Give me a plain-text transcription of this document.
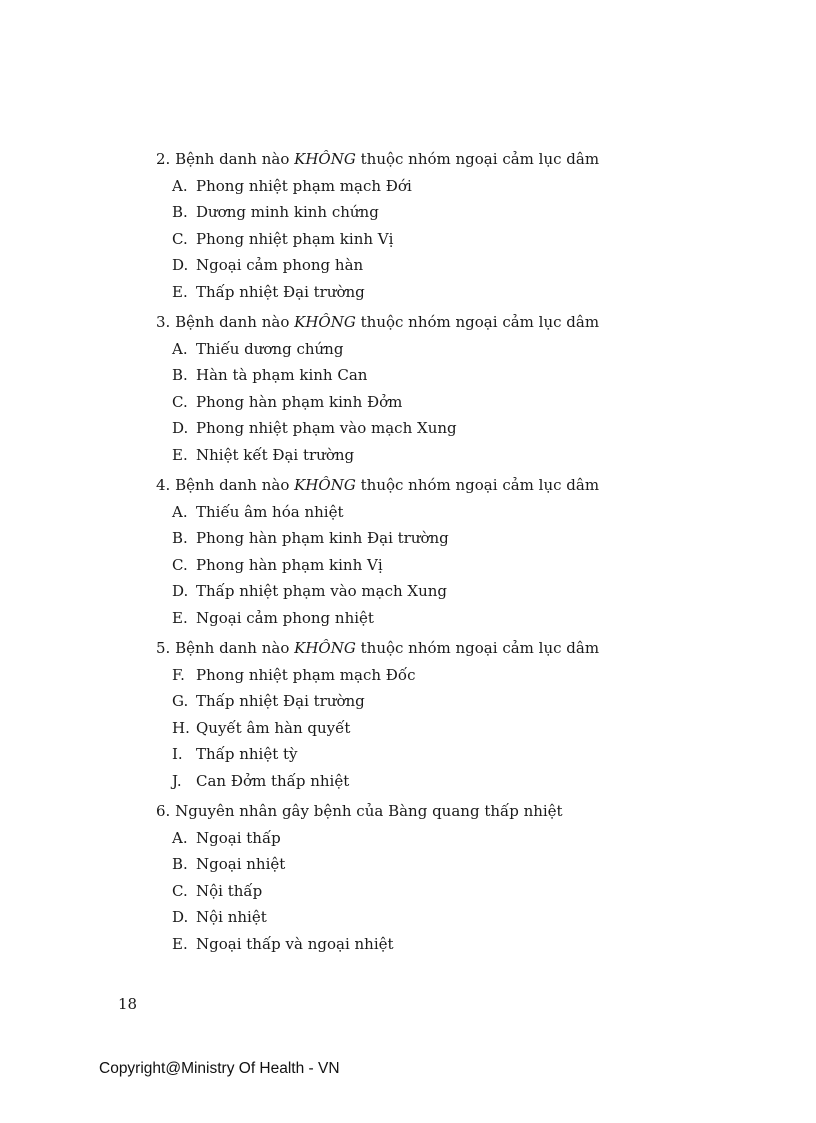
2. Bệnh danh nào KHÔNG thuộc nhóm ngoại cảm lục dâm
A. Phong nhiệt phạm mạch Đới
B. Dương minh kinh chứng
C. Phong nhiệt phạm kinh Vị
D. Ngoại cảm phong hàn
E. Thấp nhiệt Đại trường
3. Bệnh danh nào KHÔNG thuộc nhóm ngoại cảm lục dâm
A. Thiếu dương chứng
B. Hàn tà phạm kinh Can
C. Phong hàn phạm kinh Đởm
D. Phong nhiệt phạm vào mạch Xung
E. Nhiệt kết Đại trường
4. Bệnh danh nào KHÔNG thuộc nhóm ngoại cảm lục dâm
A. Thiếu âm hóa nhiệt
B. Phong hàn phạm kinh Đại trường
C. Phong hàn phạm kinh Vị
D. Thấp nhiệt phạm vào mạch Xung
E. Ngoại cảm phong nhiệt
5. Bệnh danh nào KHÔNG thuộc nhóm ngoại cảm lục dâm
F. Phong nhiệt phạm mạch Đốc
G. Thấp nhiệt Đại trường
H. Quyết âm hàn quyết
I. Thấp nhiệt tỳ
J. Can Đởm thấp nhiệt
6. Nguyên nhân gây bệnh của Bàng quang thấp nhiệt
A. Ngoại thấp
B. Ngoại nhiệt
C. Nội thấp
D. Nội nhiệt
E. Ngoại thấp và ngoại nhiệt
18
Copyright@Ministry Of Health - VN
